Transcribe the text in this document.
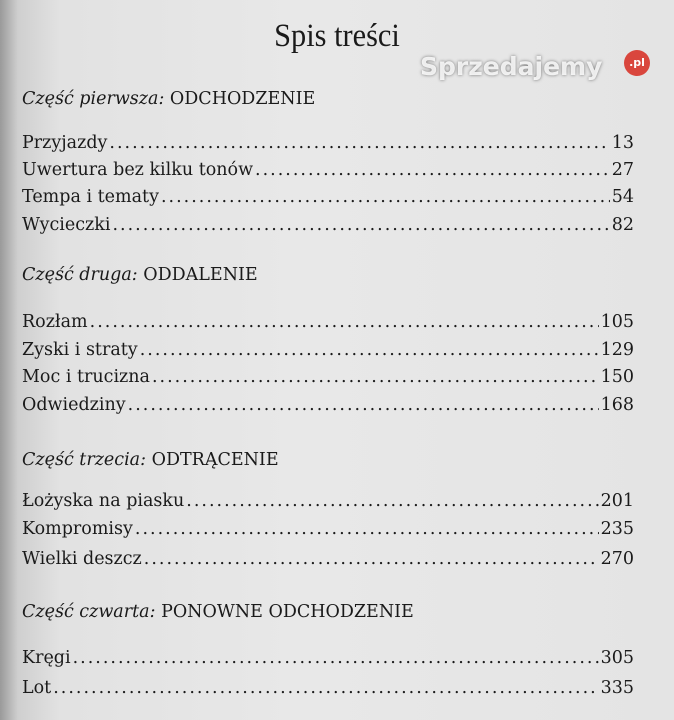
Spis treści
Część pierwsza: ODCHODZENIE
Przyjazdy .....	13
Uwertura bez kilku tonów .....	27
Tempa i tematy .....	54
Wycieczki .....	82
Część druga: ODDALENIE
Rozłam .....	105
Zyski i straty .....	129
Moc i trucizna .....	150
Odwiedziny .....	168
Część trzecia: ODTRĄCENIE
Łożyska na piasku .....	201
Kompromisy .....	235
Wielki deszcz .....	270
Część czwarta: PONOWNE ODCHODZENIE
Kręgi .....	305
Lot .....	335
Sprzedajemy	.pl
